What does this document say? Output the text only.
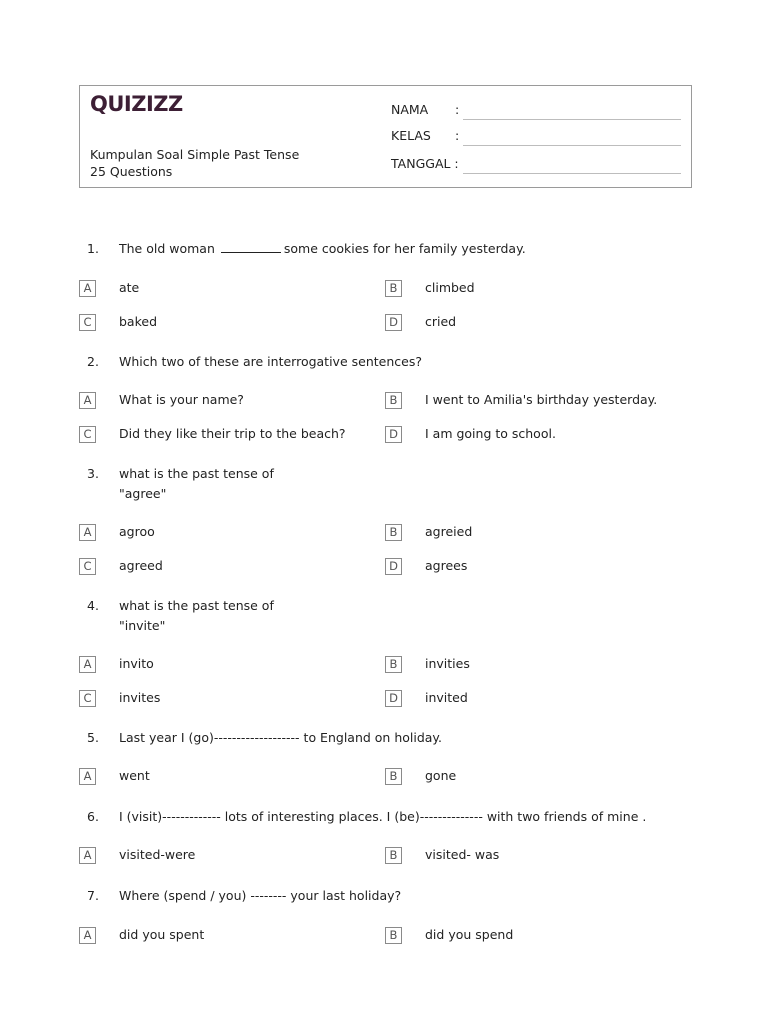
QUIZIZZ
Kumpulan Soal Simple Past Tense
25 Questions
NAMA :
KELAS :
TANGGAL :
1. The old woman	some cookies for her family yesterday.
A	ate	B	climbed
C	baked	D	cried
2. Which two of these are interrogative sentences?
A	What is your name?	B	I went to Amilia's birthday yesterday.
C	Did they like their trip to the beach?	D	I am going to school.
3. what is the past tense of
"agree"
A	agroo	B	agreied
C	agreed	D	agrees
4. what is the past tense of
"invite"
A	invito	B	invities
C	invites	D	invited
5. Last year I (go)------------------- to England on holiday.
A	went	B	gone
6. I (visit)------------- lots of interesting places. I (be)-------------- with two friends of mine .
A	visited-were	B	visited- was
7. Where (spend / you) -------- your last holiday?
A	did you spent	B	did you spend
